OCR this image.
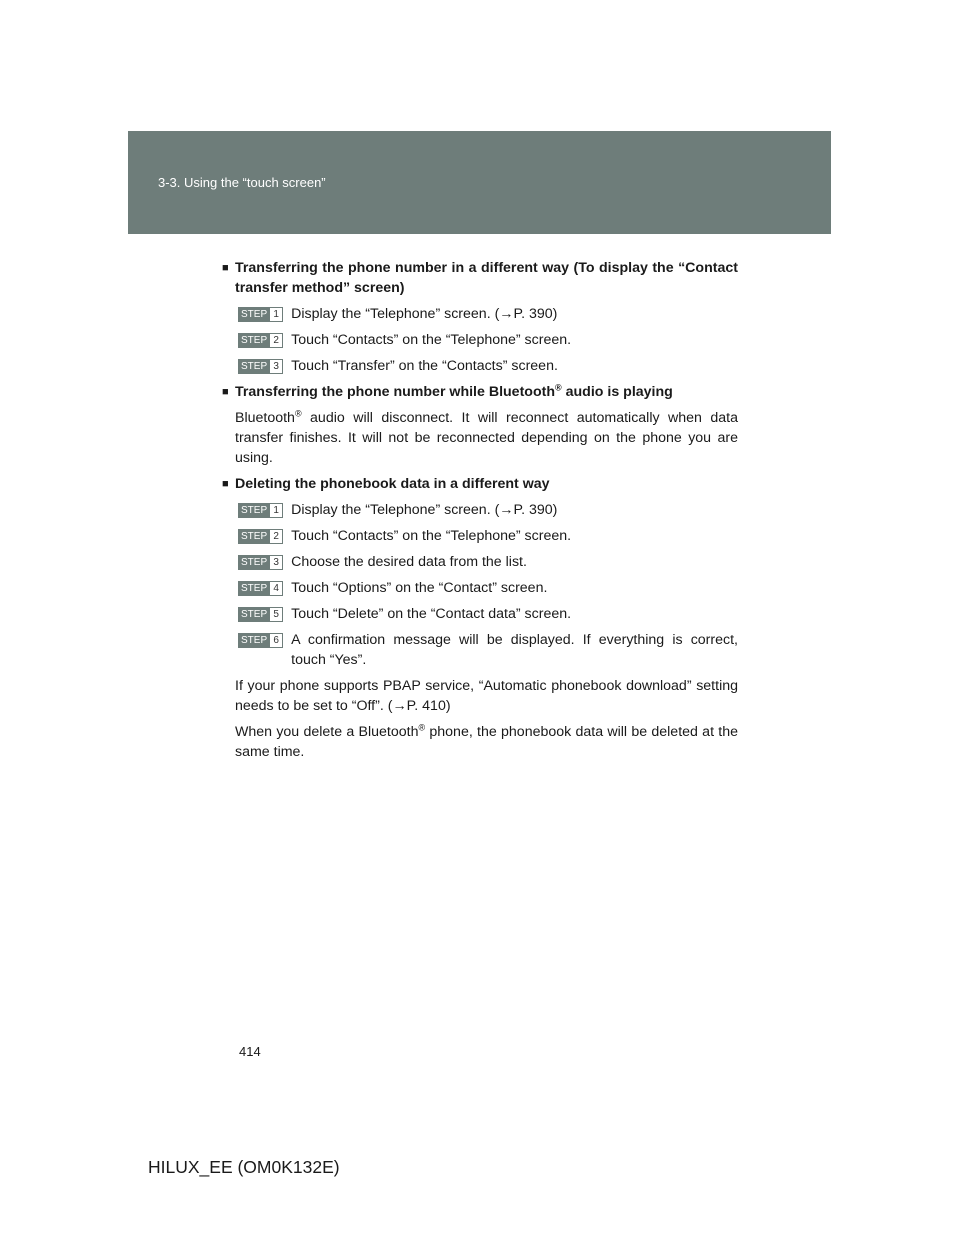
3-3. Using the “touch screen”
■ Transferring the phone number in a different way (To display the “Contact transfer method” screen)
STEP 1 Display the “Telephone” screen. (→P. 390)
STEP 2 Touch “Contacts” on the “Telephone” screen.
STEP 3 Touch “Transfer” on the “Contacts” screen.
■ Transferring the phone number while Bluetooth® audio is playing
Bluetooth® audio will disconnect. It will reconnect automatically when data transfer finishes. It will not be reconnected depending on the phone you are using.
■ Deleting the phonebook data in a different way
STEP 1 Display the “Telephone” screen. (→P. 390)
STEP 2 Touch “Contacts” on the “Telephone” screen.
STEP 3 Choose the desired data from the list.
STEP 4 Touch “Options” on the “Contact” screen.
STEP 5 Touch “Delete” on the “Contact data” screen.
STEP 6 A confirmation message will be displayed. If everything is correct, touch “Yes”.
If your phone supports PBAP service, “Automatic phonebook download” setting needs to be set to “Off”. (→P. 410)
When you delete a Bluetooth® phone, the phonebook data will be deleted at the same time.
414
HILUX_EE (OM0K132E)
